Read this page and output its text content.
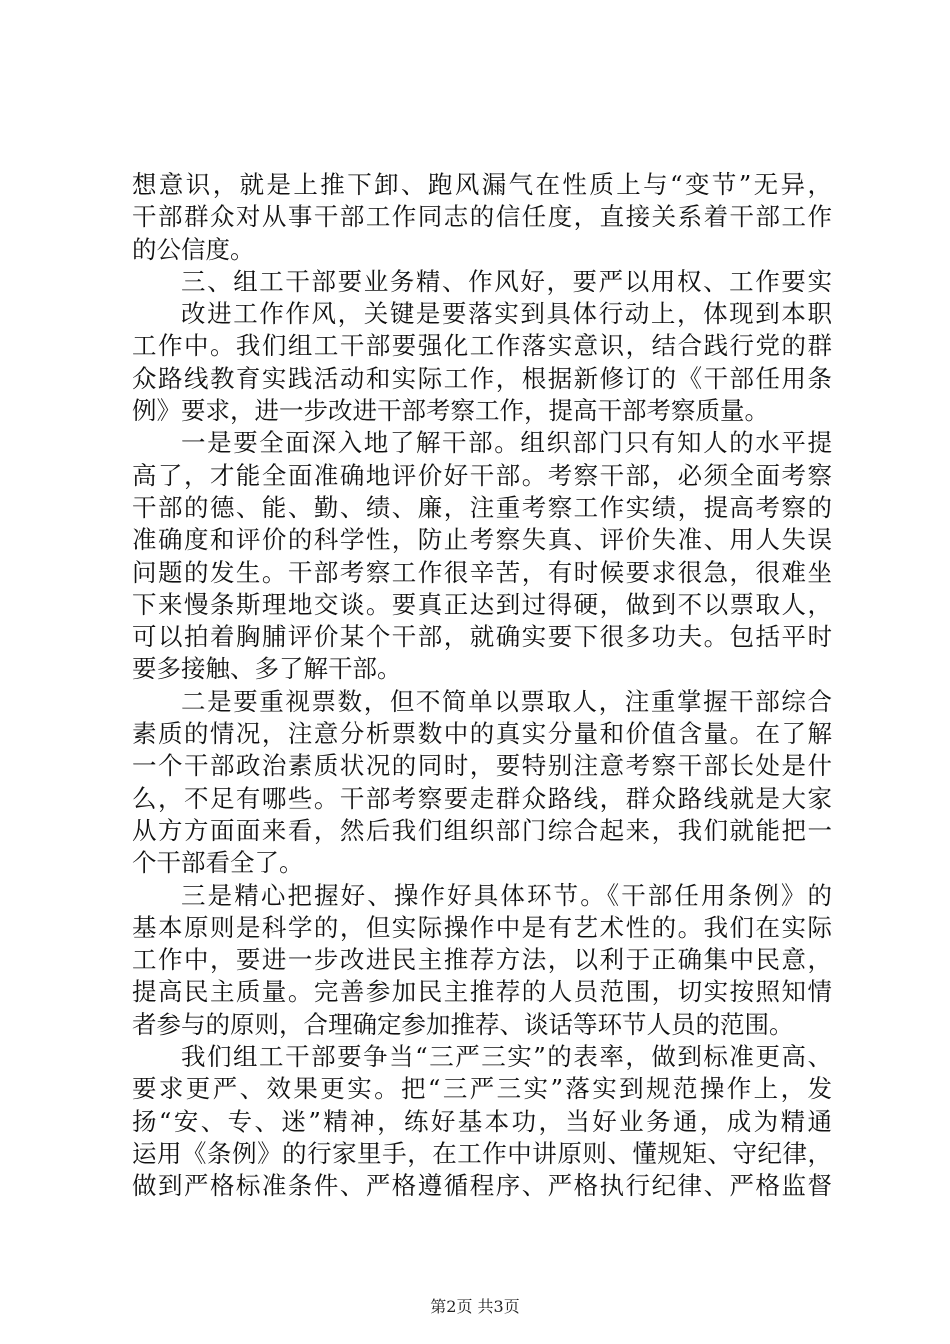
想意识，就是上推下卸、跑风漏气在性质上与“变节”无异，
干部群众对从事干部工作同志的信任度，直接关系着干部工作
的公信度。
三、组工干部要业务精、作风好，要严以用权、工作要实
改进工作作风，关键是要落实到具体行动上，体现到本职
工作中。我们组工干部要强化工作落实意识，结合践行党的群
众路线教育实践活动和实际工作，根据新修订的《干部任用条
例》要求，进一步改进干部考察工作，提高干部考察质量。
一是要全面深入地了解干部。组织部门只有知人的水平提
高了，才能全面准确地评价好干部。考察干部，必须全面考察
干部的德、能、勤、绩、廉，注重考察工作实绩，提高考察的
准确度和评价的科学性，防止考察失真、评价失准、用人失误
问题的发生。干部考察工作很辛苦，有时候要求很急，很难坐
下来慢条斯理地交谈。要真正达到过得硬，做到不以票取人，
可以拍着胸脯评价某个干部，就确实要下很多功夫。包括平时
要多接触、多了解干部。
二是要重视票数，但不简单以票取人，注重掌握干部综合
素质的情况，注意分析票数中的真实分量和价值含量。在了解
一个干部政治素质状况的同时，要特别注意考察干部长处是什
么，不足有哪些。干部考察要走群众路线，群众路线就是大家
从方方面面来看，然后我们组织部门综合起来，我们就能把一
个干部看全了。
三是精心把握好、操作好具体环节。《干部任用条例》的
基本原则是科学的，但实际操作中是有艺术性的。我们在实际
工作中，要进一步改进民主推荐方法，以利于正确集中民意，
提高民主质量。完善参加民主推荐的人员范围，切实按照知情
者参与的原则，合理确定参加推荐、谈话等环节人员的范围。
我们组工干部要争当“三严三实”的表率，做到标准更高、
要求更严、效果更实。把“三严三实”落实到规范操作上，发
扬“安、专、迷”精神，练好基本功，当好业务通，成为精通
运用《条例》的行家里手，在工作中讲原则、懂规矩、守纪律，
做到严格标准条件、严格遵循程序、严格执行纪律、严格监督
第2页 共3页
